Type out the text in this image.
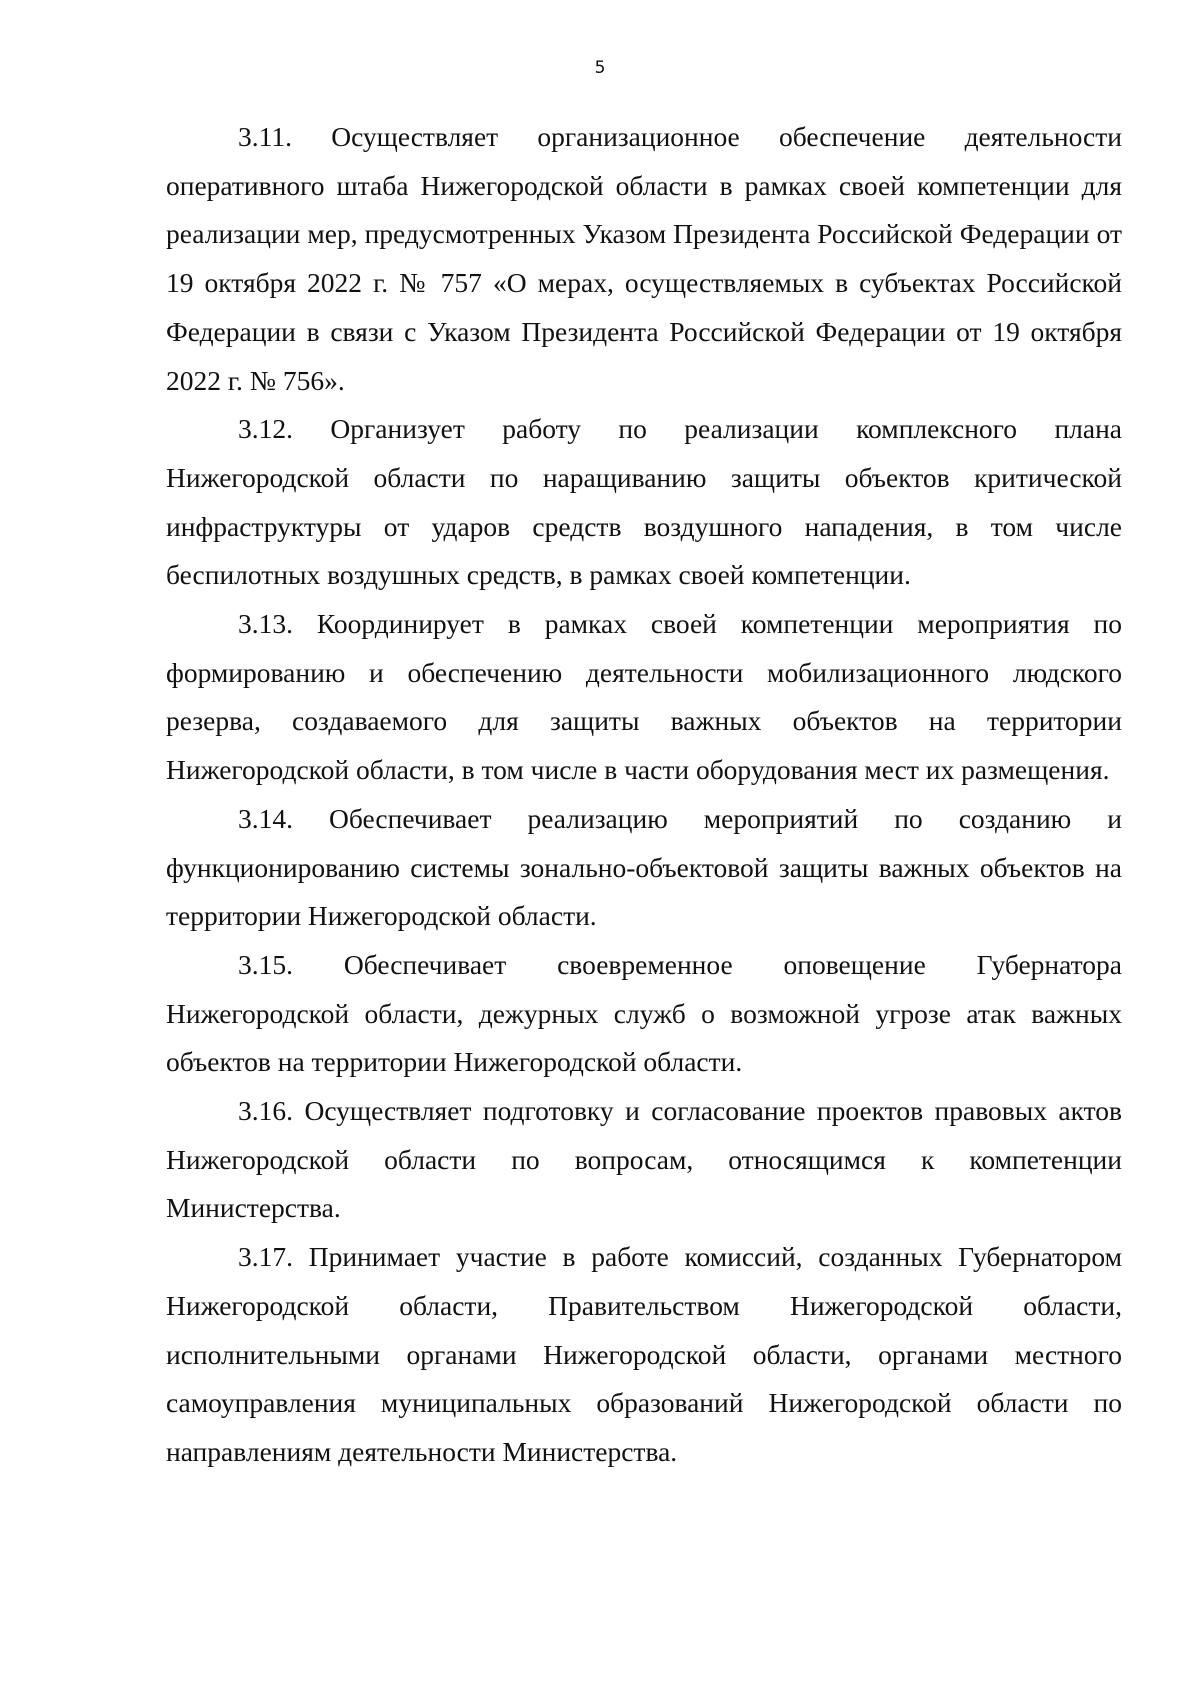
5

3.11. Осуществляет организационное обеспечение деятельности оперативного штаба Нижегородской области в рамках своей компетенции для реализации мер, предусмотренных Указом Президента Российской Федерации от 19 октября 2022 г. № 757 «О мерах, осуществляемых в субъектах Российской Федерации в связи с Указом Президента Российской Федерации от 19 октября 2022 г. № 756».

3.12. Организует работу по реализации комплексного плана Нижегородской области по наращиванию защиты объектов критической инфраструктуры от ударов средств воздушного нападения, в том числе беспилотных воздушных средств, в рамках своей компетенции.

3.13. Координирует в рамках своей компетенции мероприятия по формированию и обеспечению деятельности мобилизационного людского резерва, создаваемого для защиты важных объектов на территории Нижегородской области, в том числе в части оборудования мест их размещения.

3.14. Обеспечивает реализацию мероприятий по созданию и функционированию системы зонально-объектовой защиты важных объектов на территории Нижегородской области.

3.15. Обеспечивает своевременное оповещение Губернатора Нижегородской области, дежурных служб о возможной угрозе атак важных объектов на территории Нижегородской области.

3.16. Осуществляет подготовку и согласование проектов правовых актов Нижегородской области по вопросам, относящимся к компетенции Министерства.

3.17. Принимает участие в работе комиссий, созданных Губернатором Нижегородской области, Правительством Нижегородской области, исполнительными органами Нижегородской области, органами местного самоуправления муниципальных образований Нижегородской области по направлениям деятельности Министерства.
